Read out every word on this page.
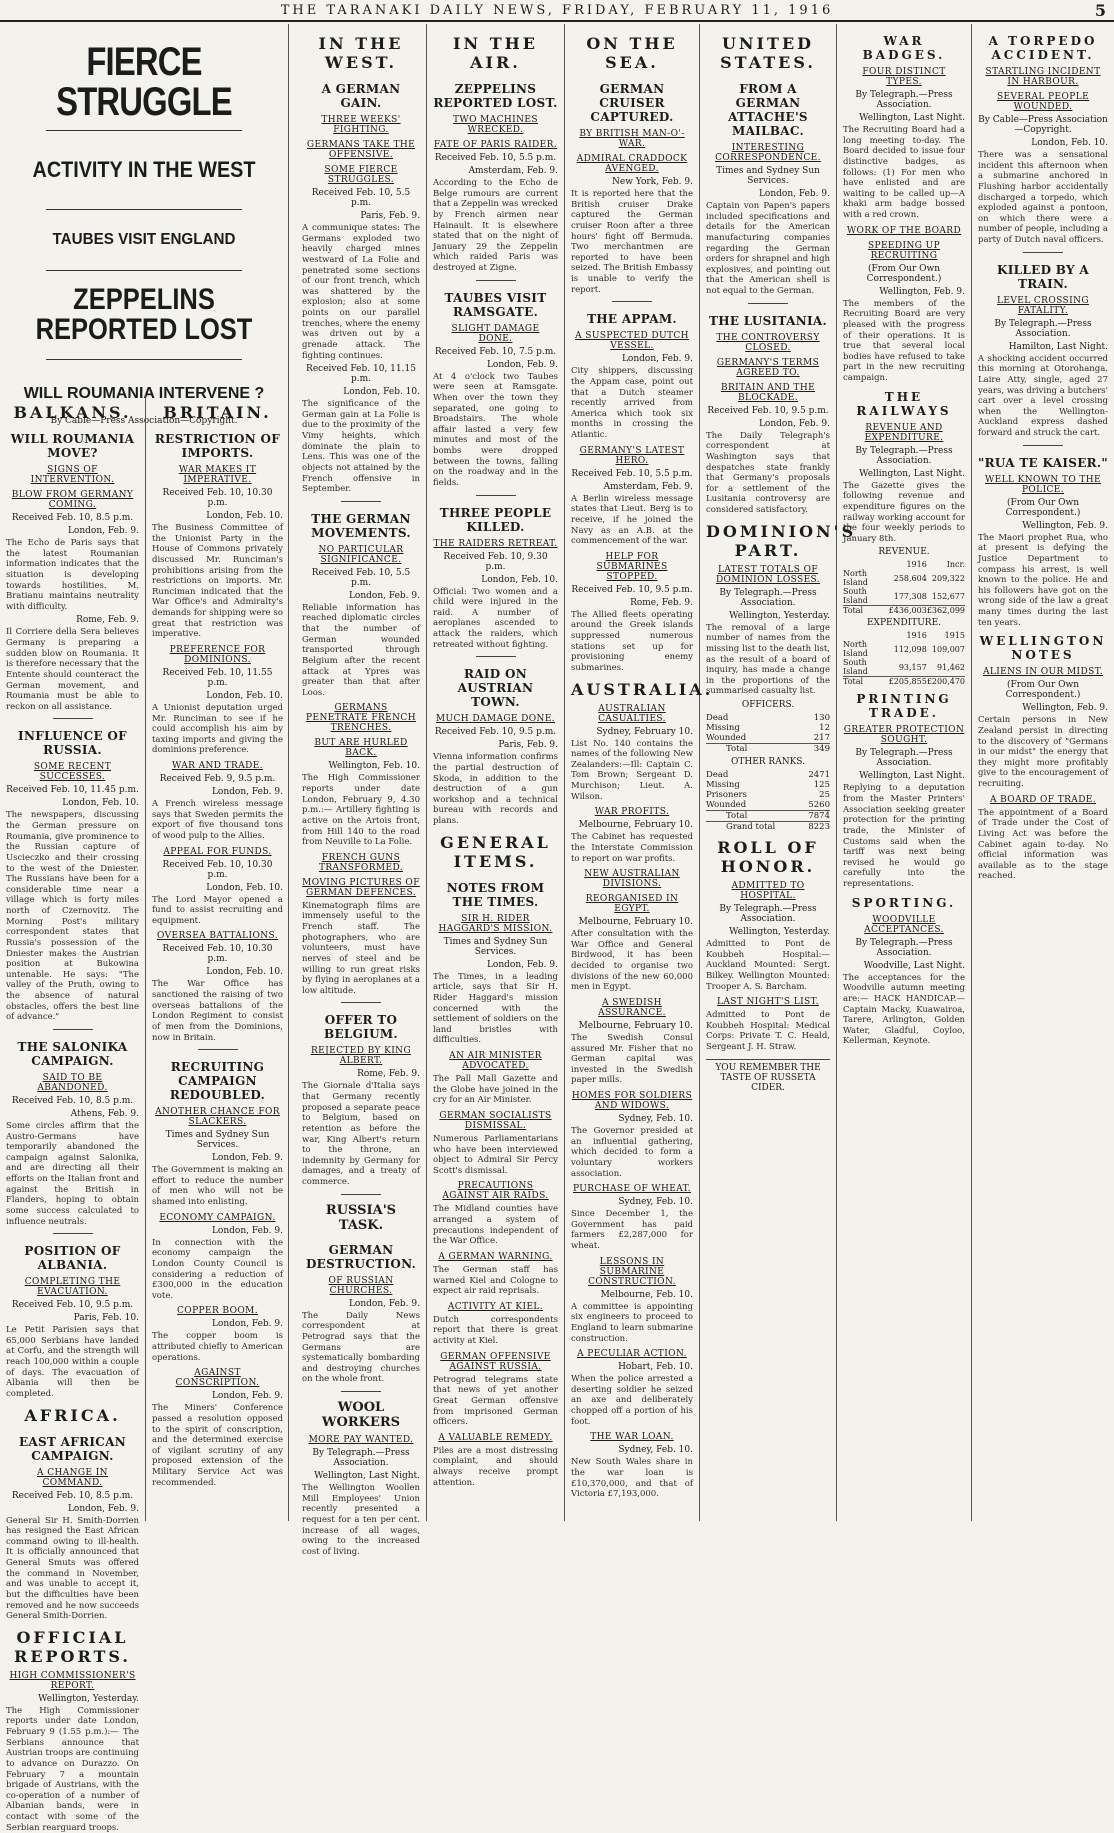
THE TARANAKI DAILY NEWS, FRIDAY, FEBRUARY 11, 1916	5
FIERCE STRUGGLE
ACTIVITY IN THE WEST
TAUBES VISIT ENGLAND
ZEPPELINS REPORTED LOST
WILL ROUMANIA INTERVENE ?
By Cable—Press Association—Copyright.
BALKANS.
WILL ROUMANIA MOVE?
SIGNS OF INTERVENTION.
BLOW FROM GERMANY COMING.
Received Feb. 10, 8.5 p.m.
London, Feb. 9.
The Echo de Paris says that the latest Roumanian information indicates that the situation is developing towards hostilities. M. Bratianu maintains neutrality with difficulty.
Rome, Feb. 9.
Il Corriere della Sera believes Germany is preparing a sudden blow on Roumania. It is therefore necessary that the Entente should counteract the German movement, and Roumania must be able to reckon on all assistance.
INFLUENCE OF RUSSIA.
SOME RECENT SUCCESSES.
Received Feb. 10, 11.45 p.m.
London, Feb. 10.
The newspapers, discussing the German pressure on Roumania, give prominence to the Russian capture of Uscieczko and their crossing to the west of the Dniester. The Russians have been for a considerable time near a village which is forty miles north of Czernovitz. The Morning Post's military correspondent states that Russia's possession of the Dniester makes the Austrian position at Bukowina untenable. He says: "The valley of the Pruth, owing to the absence of natural obstacles, offers the best line of advance."
THE SALONIKA CAMPAIGN.
SAID TO BE ABANDONED.
Received Feb. 10, 8.5 p.m.
Athens, Feb. 9.
Some circles affirm that the Austro-Germans have temporarily abandoned the campaign against Salonika, and are directing all their efforts on the Italian front and against the British in Flanders, hoping to obtain some success calculated to influence neutrals.
POSITION OF ALBANIA.
COMPLETING THE EVACUATION.
Received Feb. 10, 9.5 p.m.
Paris, Feb. 10.
Le Petit Parisien says that 65,000 Serbians have landed at Corfu, and the strength will reach 100,000 within a couple of days. The evacuation of Albania will then be completed.
AFRICA.
EAST AFRICAN CAMPAIGN.
A CHANGE IN COMMAND.
Received Feb. 10, 8.5 p.m.
London, Feb. 9.
General Sir H. Smith-Dorrien has resigned the East African command owing to ill-health. It is officially announced that General Smuts was offered the command in November, and was unable to accept it, but the difficulties have been removed and he now succeeds General Smith-Dorrien.
OFFICIAL REPORTS.
HIGH COMMISSIONER'S REPORT.
Wellington, Yesterday.
The High Commissioner reports under date London, February 9 (1.55 p.m.):— The Serbians announce that Austrian troops are continuing to advance on Durazzo. On February 7 a mountain brigade of Austrians, with the co-operation of a number of Albanian bands, were in contact with some of the Serbian rearguard troops.
BRITAIN.
RESTRICTION OF IMPORTS.
WAR MAKES IT IMPERATIVE.
Received Feb. 10, 10.30 p.m.
London, Feb. 10.
The Business Committee of the Unionist Party in the House of Commons privately discussed Mr. Runciman's prohibitions arising from the restrictions on imports. Mr. Runciman indicated that the War Office's and Admiralty's demands for shipping were so great that restriction was imperative.
PREFERENCE FOR DOMINIONS.
Received Feb. 10, 11.55 p.m.
London, Feb. 10.
A Unionist deputation urged Mr. Runciman to see if he could accomplish his aim by taxing imports and giving the dominions preference.
WAR AND TRADE.
Received Feb. 9, 9.5 p.m.
London, Feb. 9.
A French wireless message says that Sweden permits the export of five thousand tons of wood pulp to the Allies.
APPEAL FOR FUNDS.
Received Feb. 10, 10.30 p.m.
London, Feb. 10.
The Lord Mayor opened a fund to assist recruiting and equipment.
OVERSEA BATTALIONS.
Received Feb. 10, 10.30 p.m.
London, Feb. 10.
The War Office has sanctioned the raising of two overseas battalions of the London Regiment to consist of men from the Dominions, now in Britain.
RECRUITING CAMPAIGN REDOUBLED.
ANOTHER CHANCE FOR SLACKERS.
Times and Sydney Sun Services.
London, Feb. 9.
The Government is making an effort to reduce the number of men who will not be shamed into enlisting.
ECONOMY CAMPAIGN.
London, Feb. 9.
In connection with the economy campaign the London County Council is considering a reduction of £300,000 in the education vote.
COPPER BOOM.
London, Feb. 9.
The copper boom is attributed chiefly to American operations.
AGAINST CONSCRIPTION.
London, Feb. 9.
The Miners' Conference passed a resolution opposed to the spirit of conscription, and the determined exercise of vigilant scrutiny of any proposed extension of the Military Service Act was recommended.
IN THE WEST.
A GERMAN GAIN.
THREE WEEKS' FIGHTING.
GERMANS TAKE THE OFFENSIVE.
SOME FIERCE STRUGGLES.
Received Feb. 10, 5.5 p.m.
Paris, Feb. 9.
A communique states: The Germans exploded two heavily charged mines westward of La Folie and penetrated some sections of our front trench, which was shattered by the explosion; also at some points on our parallel trenches, where the enemy was driven out by a grenade attack. The fighting continues.
Received Feb. 10, 11.15 p.m.
London, Feb. 10.
The significance of the German gain at La Folie is due to the proximity of the Vimy heights, which dominate the plain to Lens. This was one of the objects not attained by the French offensive in September.
THE GERMAN MOVEMENTS.
NO PARTICULAR SIGNIFICANCE.
Received Feb. 10, 5.5 p.m.
London, Feb. 9.
Reliable information has reached diplomatic circles that the number of German wounded transported through Belgium after the recent attack at Ypres was greater than that after Loos.
GERMANS PENETRATE FRENCH TRENCHES.
BUT ARE HURLED BACK.
Wellington, Feb. 10.
The High Commissioner reports under date London, February 9, 4.30 p.m.:— Artillery fighting is active on the Artois front, from Hill 140 to the road from Neuville to La Folie.
FRENCH GUNS TRANSFORMED.
MOVING PICTURES OF GERMAN DEFENCES.
Kinematograph films are immensely useful to the French staff. The photographers, who are volunteers, must have nerves of steel and be willing to run great risks by flying in aeroplanes at a low altitude.
OFFER TO BELGIUM.
REJECTED BY KING ALBERT.
Rome, Feb. 9.
The Giornale d'Italia says that Germany recently proposed a separate peace to Belgium, based on retention as before the war, King Albert's return to the throne, an indemnity by Germany for damages, and a treaty of commerce.
RUSSIA'S TASK.
GERMAN DESTRUCTION.
OF RUSSIAN CHURCHES.
London, Feb. 9.
The Daily News correspondent at Petrograd says that the Germans are systematically bombarding and destroying churches on the whole front.
WOOL WORKERS
MORE PAY WANTED.
By Telegraph.—Press Association.
Wellington, Last Night.
The Wellington Woollen Mill Employees' Union recently presented a request for a ten per cent. increase of all wages, owing to the increased cost of living.
IN THE AIR.
ZEPPELINS REPORTED LOST.
TWO MACHINES WRECKED.
FATE OF PARIS RAIDER.
Received Feb. 10, 5.5 p.m.
Amsterdam, Feb. 9.
According to the Echo de Belge rumours are current that a Zeppelin was wrecked by French airmen near Hainault. It is elsewhere stated that on the night of January 29 the Zeppelin which raided Paris was destroyed at Zigne.
TAUBES VISIT RAMSGATE.
SLIGHT DAMAGE DONE.
Received Feb. 10, 7.5 p.m.
London, Feb. 9.
At 4 o'clock two Taubes were seen at Ramsgate. When over the town they separated, one going to Broadstairs. The whole affair lasted a very few minutes and most of the bombs were dropped between the towns, falling on the roadway and in the fields.
THREE PEOPLE KILLED.
THE RAIDERS RETREAT.
Received Feb. 10, 9.30 p.m.
London, Feb. 10.
Official: Two women and a child were injured in the raid. A number of aeroplanes ascended to attack the raiders, which retreated without fighting.
RAID ON AUSTRIAN TOWN.
MUCH DAMAGE DONE.
Received Feb. 10, 9.5 p.m.
Paris, Feb. 9.
Vienna information confirms the partial destruction of Skoda, in addition to the destruction of a gun workshop and a technical bureau with records and plans.
GENERAL ITEMS.
NOTES FROM THE TIMES.
SIR H. RIDER HAGGARD'S MISSION.
Times and Sydney Sun Services.
London, Feb. 9.
The Times, in a leading article, says that Sir H. Rider Haggard's mission concerned with the settlement of soldiers on the land bristles with difficulties.
AN AIR MINISTER ADVOCATED.
The Pall Mall Gazette and the Globe have joined in the cry for an Air Minister.
GERMAN SOCIALISTS DISMISSAL.
Numerous Parliamentarians who have been interviewed object to Admiral Sir Percy Scott's dismissal.
PRECAUTIONS AGAINST AIR RAIDS.
The Midland counties have arranged a system of precautions independent of the War Office.
A GERMAN WARNING.
The German staff has warned Kiel and Cologne to expect air raid reprisals.
ACTIVITY AT KIEL.
Dutch correspondents report that there is great activity at Kiel.
GERMAN OFFENSIVE AGAINST RUSSIA.
Petrograd telegrams state that news of yet another Great German offensive from imprisoned German officers.
A VALUABLE REMEDY.
Piles are a most distressing complaint, and should always receive prompt attention.
ON THE SEA.
GERMAN CRUISER CAPTURED.
BY BRITISH MAN-O'-WAR.
ADMIRAL CRADDOCK AVENGED.
New York, Feb. 9.
It is reported here that the British cruiser Drake captured the German cruiser Roon after a three hours' fight off Bermuda. Two merchantmen are reported to have been seized. The British Embassy is unable to verify the report.
THE APPAM.
A SUSPECTED DUTCH VESSEL.
London, Feb. 9.
City shippers, discussing the Appam case, point out that a Dutch steamer recently arrived from America which took six months in crossing the Atlantic.
GERMANY'S LATEST HERO.
Received Feb. 10, 5.5 p.m.
Amsterdam, Feb. 9.
A Berlin wireless message states that Lieut. Berg is to receive, if he joined the Navy as an A.B. at the commencement of the war.
HELP FOR SUBMARINES STOPPED.
Received Feb. 10, 9.5 p.m.
Rome, Feb. 9.
The Allied fleets operating around the Greek islands suppressed numerous stations set up for provisioning enemy submarines.
AUSTRALIA.
AUSTRALIAN CASUALTIES.
Sydney, February 10.
List No. 140 contains the names of the following New Zealanders:—Ill: Captain C. Tom Brown; Sergeant D. Murchison; Lieut. A. Wilson.
WAR PROFITS.
Melbourne, February 10.
The Cabinet has requested the Interstate Commission to report on war profits.
NEW AUSTRALIAN DIVISIONS.
REORGANISED IN EGYPT.
Melbourne, February 10.
After consultation with the War Office and General Birdwood, it has been decided to organise two divisions of the new 60,000 men in Egypt.
A SWEDISH ASSURANCE.
Melbourne, February 10.
The Swedish Consul assured Mr. Fisher that no German capital was invested in the Swedish paper mills.
HOMES FOR SOLDIERS AND WIDOWS.
Sydney, Feb. 10.
The Governor presided at an influential gathering, which decided to form a voluntary workers association.
PURCHASE OF WHEAT.
Sydney, Feb. 10.
Since December 1, the Government has paid farmers £2,287,000 for wheat.
LESSONS IN SUBMARINE CONSTRUCTION.
Melbourne, Feb. 10.
A committee is appointing six engineers to proceed to England to learn submarine construction.
A PECULIAR ACTION.
Hobart, Feb. 10.
When the police arrested a deserting soldier he seized an axe and deliberately chopped off a portion of his foot.
THE WAR LOAN.
Sydney, Feb. 10.
New South Wales share in the war loan is £10,370,000, and that of Victoria £7,193,000.
UNITED STATES.
FROM A GERMAN ATTACHE'S MAILBAC.
INTERESTING CORRESPONDENCE.
Times and Sydney Sun Services.
London, Feb. 9.
Captain von Papen's papers included specifications and details for the American manufacturing companies regarding the German orders for shrapnel and high explosives, and pointing out that the American shell is not equal to the German.
THE LUSITANIA.
THE CONTROVERSY CLOSED.
GERMANY'S TERMS AGREED TO.
BRITAIN AND THE BLOCKADE.
Received Feb. 10, 9.5 p.m.
London, Feb. 9.
The Daily Telegraph's correspondent at Washington says that despatches state frankly that Germany's proposals for a settlement of the Lusitania controversy are considered satisfactory.
DOMINION'S PART.
LATEST TOTALS OF DOMINION LOSSES.
By Telegraph.—Press Association.
Wellington, Yesterday.
The removal of a large number of names from the missing list to the death list, as the result of a board of inquiry, has made a change in the proportions of the summarised casualty list.
OFFICERS.
Dead	130
Missing	12
Wounded	217
Total	349
OTHER RANKS.
Dead	2471
Missing	125
Prisoners	25
Wounded	5260
Total	7874
Grand total	8223
ROLL OF HONOR.
ADMITTED TO HOSPITAL.
By Telegraph.—Press Association.
Wellington, Yesterday.
Admitted to Pont de Koubbeh Hospital:— Auckland Mounted: Sergt. Bilkey. Wellington Mounted: Trooper A. S. Barcham.
LAST NIGHT'S LIST.
Admitted to Pont de Koubbeh Hospital: Medical Corps: Private T. C. Heald, Sergeant J. H. Straw.
YOU REMEMBER THE TASTE OF RUSSETA CIDER.
WAR BADGES.
FOUR DISTINCT TYPES.
By Telegraph.—Press Association.
Wellington, Last Night.
The Recruiting Board had a long meeting to-day. The Board decided to issue four distinctive badges, as follows: (1) For men who have enlisted and are waiting to be called up—A khaki arm badge bossed with a red crown.
WORK OF THE BOARD
SPEEDING UP RECRUITING
(From Our Own Correspondent.)
Wellington, Feb. 9.
The members of the Recruiting Board are very pleased with the progress of their operations. It is true that several local bodies have refused to take part in the new recruiting campaign.
THE RAILWAYS
REVENUE AND EXPENDITURE.
By Telegraph.—Press Association.
Wellington, Last Night.
The Gazette gives the following revenue and expenditure figures on the railway working account for the four weekly periods to January 8th.
REVENUE.
	1916	Incr.
North Island	258,604	209,322
South Island	177,308	152,677
Total	£436,003	£362,099
EXPENDITURE.
	1916	1915
North Island	112,098	109,007
South Island	93,157	91,462
Total	£205,855	£200,470
PRINTING TRADE.
GREATER PROTECTION SOUGHT.
By Telegraph.—Press Association.
Wellington, Last Night.
Replying to a deputation from the Master Printers' Association seeking greater protection for the printing trade, the Minister of Customs said when the tariff was next being revised he would go carefully into the representations.
SPORTING.
WOODVILLE ACCEPTANCES.
By Telegraph.—Press Association.
Woodville, Last Night.
The acceptances for the Woodville autumn meeting are:— HACK HANDICAP.—Captain Macky, Kuawairoa, Tarere, Arlington, Golden Water, Gladful, Coyloo, Kellerman, Keynote.
A TORPEDO ACCIDENT.
STARTLING INCIDENT IN HARBOUR.
SEVERAL PEOPLE WOUNDED.
By Cable—Press Association—Copyright.
London, Feb. 10.
There was a sensational incident this afternoon when a submarine anchored in Flushing harbor accidentally discharged a torpedo, which exploded against a pontoon, on which there were a number of people, including a party of Dutch naval officers.
KILLED BY A TRAIN.
LEVEL CROSSING FATALITY.
By Telegraph.—Press Association.
Hamilton, Last Night.
A shocking accident occurred this morning at Otorohanga. Laire Atty, single, aged 27 years, was driving a butchers' cart over a level crossing when the Wellington-Auckland express dashed forward and struck the cart.
"RUA TE KAISER."
WELL KNOWN TO THE POLICE.
(From Our Own Correspondent.)
Wellington, Feb. 9.
The Maori prophet Rua, who at present is defying the Justice Department to compass his arrest, is well known to the police. He and his followers have got on the wrong side of the law a great many times during the last ten years.
WELLINGTON NOTES
ALIENS IN OUR MIDST.
(From Our Own Correspondent.)
Wellington, Feb. 9.
Certain persons in New Zealand persist in directing to the discovery of "Germans in our midst" the energy that they might more profitably give to the encouragement of recruiting.
A BOARD OF TRADE.
The appointment of a Board of Trade under the Cost of Living Act was before the Cabinet again to-day. No official information was available as to the stage reached.
